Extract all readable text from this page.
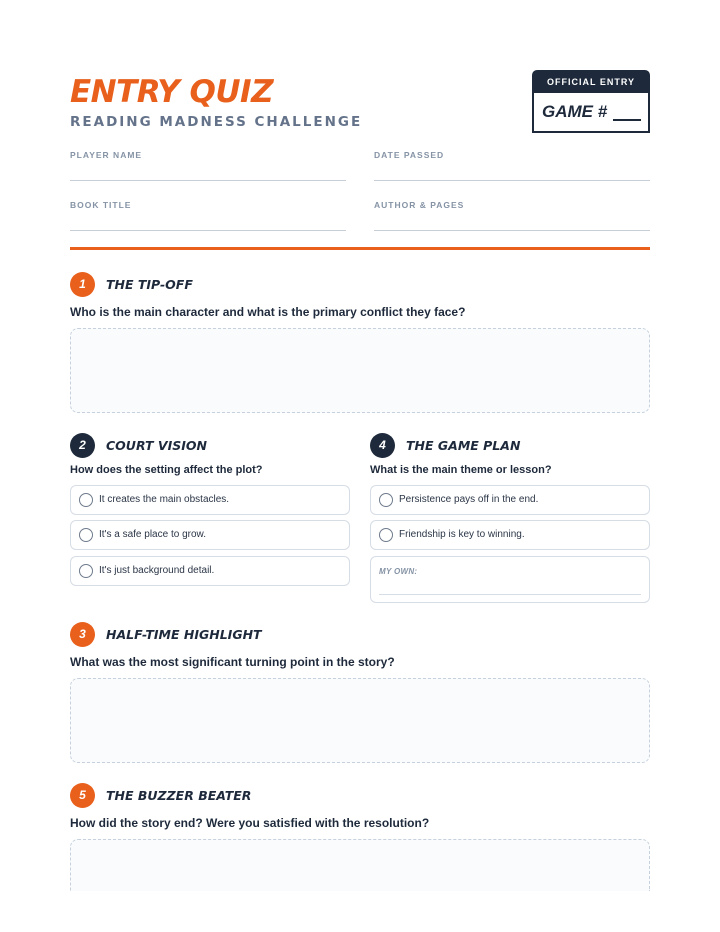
ENTRY QUIZ
READING MADNESS CHALLENGE
OFFICIAL ENTRY
GAME #
PLAYER NAME	DATE PASSED
BOOK TITLE	AUTHOR & PAGES
1	THE TIP-OFF
Who is the main character and what is the primary conflict they face?
2	COURT VISION
How does the setting affect the plot?
It creates the main obstacles.
It's a safe place to grow.
It's just background detail.
4	THE GAME PLAN
What is the main theme or lesson?
Persistence pays off in the end.
Friendship is key to winning.
MY OWN:
3	HALF-TIME HIGHLIGHT
What was the most significant turning point in the story?
5	THE BUZZER BEATER
How did the story end? Were you satisfied with the resolution?
